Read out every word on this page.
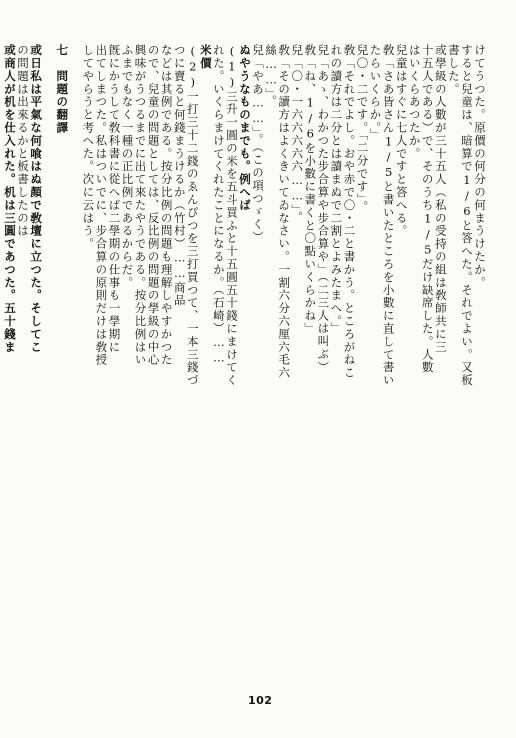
けてうつた。原價の何分の何まうけたか。
すると兒童は、暗算で1/6と答へた。それでよい。又板
書した。
或學級の人數が三十五人（私の受持の組は敎師共に三
十五人である）で、そのうち1/5だけ缺席した。人數
はいくらあつたか。
兒童はすぐに七人ですと答へる。
敎「さあ皆さん1/5と書いたところを小數に直して書い
たらいくらか。」
兒〇・二です。「二分です」。
敎「それでよし。おや赤で〇・二と書かう。ところがねこ
れの讀方は二分とは讀まぬで二割とよみたまへ。」
兒「あゝ、わかつた步合算や步合算や」（二三人は叫ぶ）
敎「ね、1/6を小數に書くと〇點いくらかね」
兒「〇・一六六六六六……」。
敎「その讀方はよくきいてゐなさい。一割六分六厘六毛六
絲……」。
兒「やあ……」。（この項つゞく）
ぬやうなものまでも。例へば
(1)三升一圓の米を五斗買ふと十五圓五十錢にまけてく
れた。いくらまけてくれたことになるか。（石崎）……
米價
(2)一打三十二錢のゑんぴつを三打買つて、一本三錢づ
つに賣ると何錢まうけるか（竹村）……商品
などは其例である。按分比例の問題も理解しやすかつた
ので、兒童の問題としては、反比例の問題の學級の中心
興味がうつるまでに出て來たやうである。按分比例はい
ふまでもなく一種の正比例であるからだ。
旣にかうして敎科書に從へば二學期の仕事も一學期に
出てしまつた。私はついでに、步合算の原則だけは敎授
してやらうと考へた。次に云はう。
七　問題の翻譯
或日私は平氣な何喰はぬ顏で敎壇に立つた。そしてこ
の問題は出來るかと板書したのは
或商人が机を仕入れた。机は三圓であつた。五十錢ま
102
